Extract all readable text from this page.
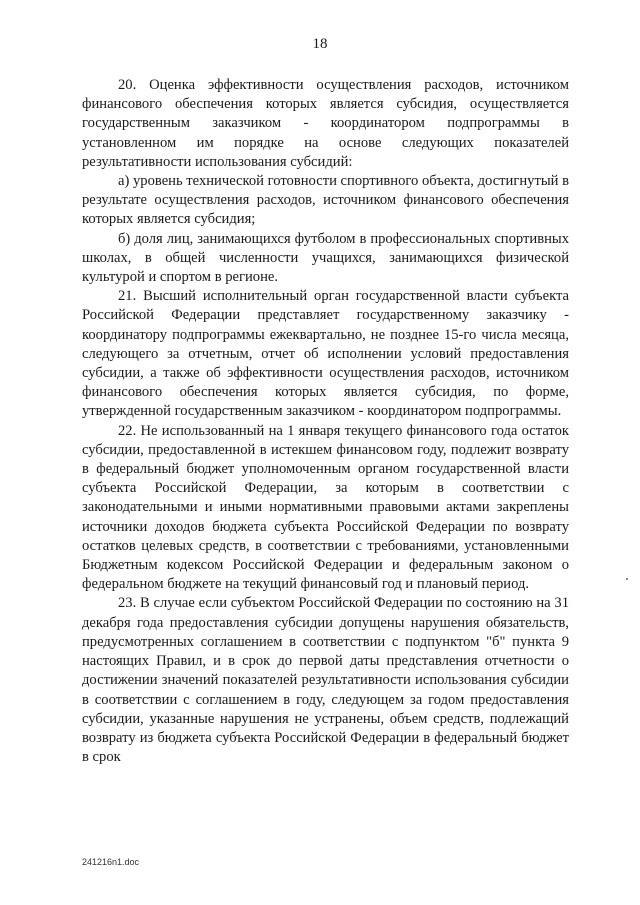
18

20. Оценка эффективности осуществления расходов, источником финансового обеспечения которых является субсидия, осуществляется государственным заказчиком - координатором подпрограммы в установленном им порядке на основе следующих показателей результативности использования субсидий:

а) уровень технической готовности спортивного объекта, достигнутый в результате осуществления расходов, источником финансового обеспечения которых является субсидия;

б) доля лиц, занимающихся футболом в профессиональных спортивных школах, в общей численности учащихся, занимающихся физической культурой и спортом в регионе.

21. Высший исполнительный орган государственной власти субъекта Российской Федерации представляет государственному заказчику - координатору подпрограммы ежеквартально, не позднее 15-го числа месяца, следующего за отчетным, отчет об исполнении условий предоставления субсидии, а также об эффективности осуществления расходов, источником финансового обеспечения которых является субсидия, по форме, утвержденной государственным заказчиком - координатором подпрограммы.

22. Не использованный на 1 января текущего финансового года остаток субсидии, предоставленной в истекшем финансовом году, подлежит возврату в федеральный бюджет уполномоченным органом государственной власти субъекта Российской Федерации, за которым в соответствии с законодательными и иными нормативными правовыми актами закреплены источники доходов бюджета субъекта Российской Федерации по возврату остатков целевых средств, в соответствии с требованиями, установленными Бюджетным кодексом Российской Федерации и федеральным законом о федеральном бюджете на текущий финансовый год и плановый период.

23. В случае если субъектом Российской Федерации по состоянию на 31 декабря года предоставления субсидии допущены нарушения обязательств, предусмотренных соглашением в соответствии с подпунктом "б" пункта 9 настоящих Правил, и в срок до первой даты представления отчетности о достижении значений показателей результативности использования субсидии в соответствии с соглашением в году, следующем за годом предоставления субсидии, указанные нарушения не устранены, объем средств, подлежащий возврату из бюджета субъекта Российской Федерации в федеральный бюджет в срок

241216n1.doc
